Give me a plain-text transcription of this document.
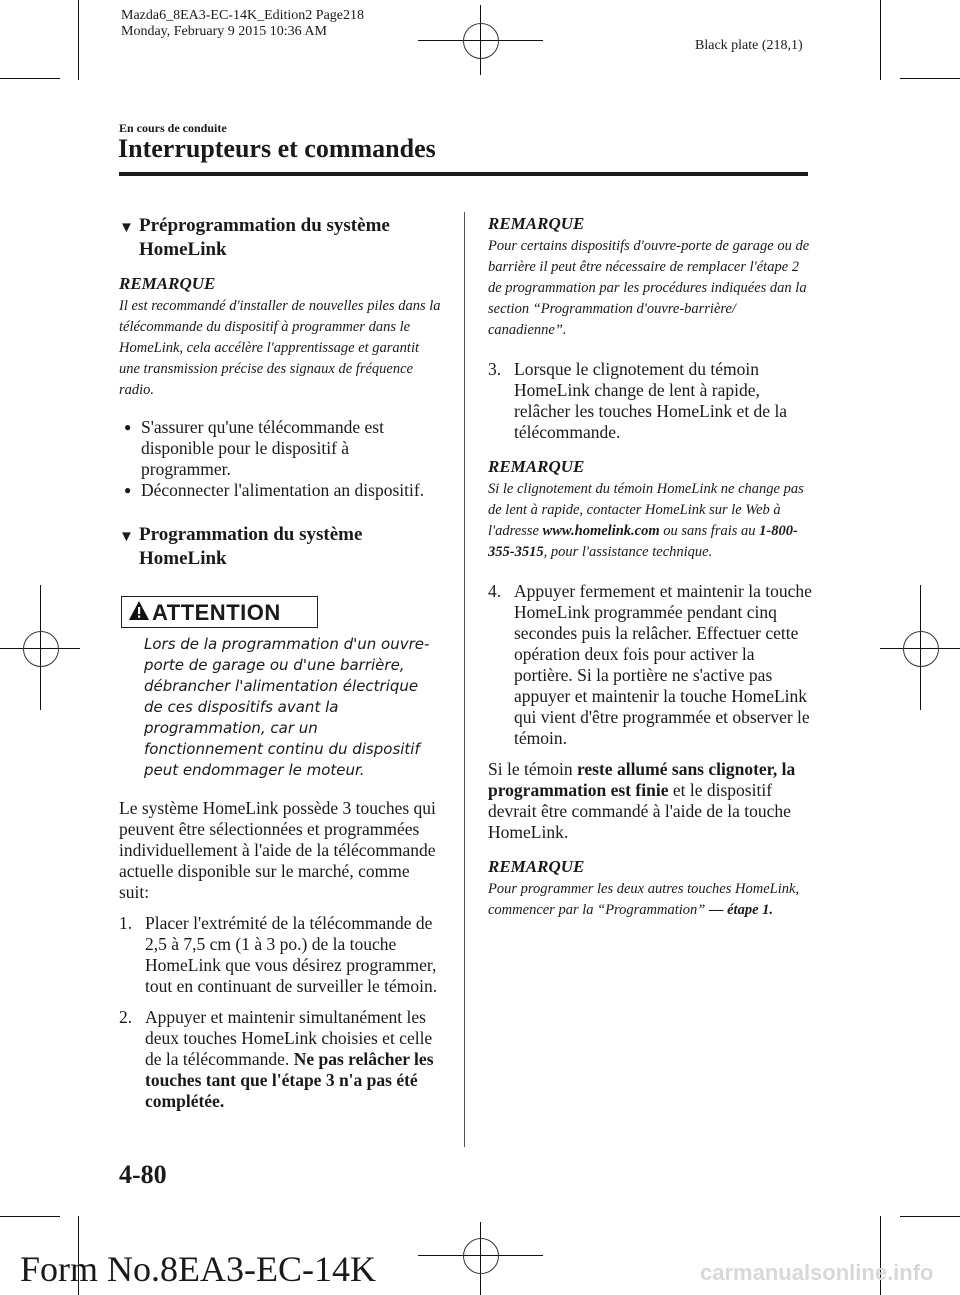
Mazda6_8EA3-EC-14K_Edition2 Page218
Monday, February 9 2015 10:36 AM
Black plate (218,1)
En cours de conduite
Interrupteurs et commandes
▼ Préprogrammation du système HomeLink

REMARQUE

Il est recommandé d'installer de nouvelles piles dans la télécommande du dispositif à programmer dans le HomeLink, cela accélère l'apprentissage et garantit une transmission précise des signaux de fréquence radio.

● S'assurer qu'une télécommande est disponible pour le dispositif à programmer.

● Déconnecter l'alimentation an dispositif.

▼ Programmation du système HomeLink
ATTENTION

Lors de la programmation d'un ouvre-porte de garage ou d'une barrière, débrancher l'alimentation électrique de ces dispositifs avant la programmation, car un fonctionnement continu du dispositif peut endommager le moteur.

Le système HomeLink possède 3 touches qui peuvent être sélectionnées et programmées individuellement à l'aide de la télécommande actuelle disponible sur le marché, comme suit:

1. Placer l'extrémité de la télécommande de 2,5 à 7,5 cm (1 à 3 po.) de la touche HomeLink que vous désirez programmer, tout en continuant de surveiller le témoin.

2. Appuyer et maintenir simultanément les deux touches HomeLink choisies et celle de la télécommande. Ne pas relâcher les touches tant que l'étape 3 n'a pas été complétée.

REMARQUE

Pour certains dispositifs d'ouvre-porte de garage ou de barrière il peut être nécessaire de remplacer l'étape 2 de programmation par les procédures indiquées dan la section “Programmation d'ouvre-barrière/ canadienne”.

3. Lorsque le clignotement du témoin HomeLink change de lent à rapide, relâcher les touches HomeLink et de la télécommande.

REMARQUE

Si le clignotement du témoin HomeLink ne change pas de lent à rapide, contacter HomeLink sur le Web à l'adresse www.homelink.com ou sans frais au 1-800-355-3515, pour l'assistance technique.

4. Appuyer fermement et maintenir la touche HomeLink programmée pendant cinq secondes puis la relâcher. Effectuer cette opération deux fois pour activer la portière. Si la portière ne s'active pas appuyer et maintenir la touche HomeLink qui vient d'être programmée et observer le témoin.

Si le témoin reste allumé sans clignoter, la programmation est finie et le dispositif devrait être commandé à l'aide de la touche HomeLink.

REMARQUE

Pour programmer les deux autres touches HomeLink, commencer par la “Programmation” — étape 1.

4-80
Form No.8EA3-EC-14K	carmanualsonline.info
